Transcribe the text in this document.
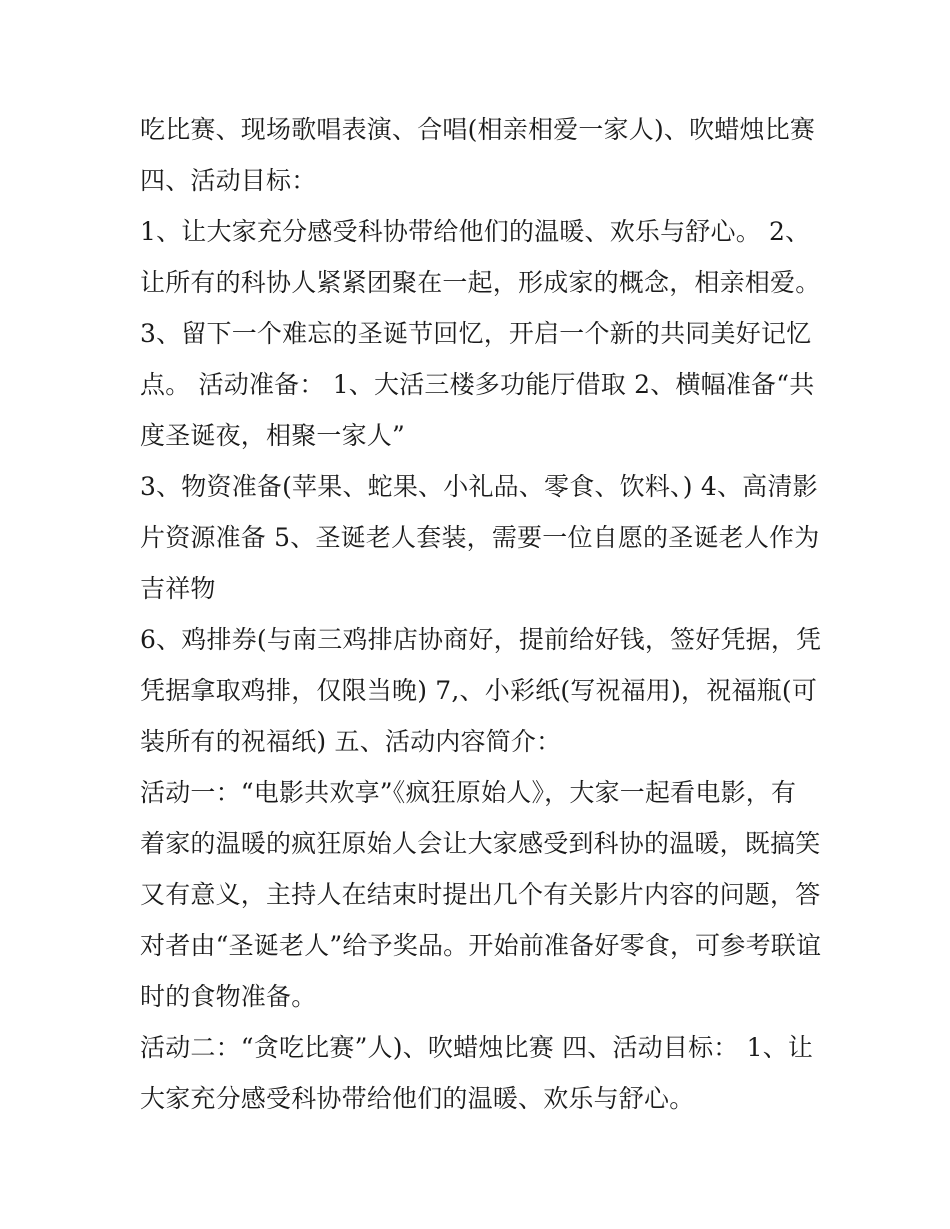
吃比赛、现场歌唱表演、合唱(相亲相爱一家人)、吹蜡烛比赛
四、活动目标：
1、让大家充分感受科协带给他们的温暖、欢乐与舒心。 2、
让所有的科协人紧紧团聚在一起，形成家的概念，相亲相爱。
3、留下一个难忘的圣诞节回忆，开启一个新的共同美好记忆
点。 活动准备： 1、大活三楼多功能厅借取 2、横幅准备“共
度圣诞夜，相聚一家人”
3、物资准备(苹果、蛇果、小礼品、零食、饮料、) 4、高清影
片资源准备 5、圣诞老人套装，需要一位自愿的圣诞老人作为
吉祥物
6、鸡排券(与南三鸡排店协商好，提前给好钱，签好凭据，凭
凭据拿取鸡排，仅限当晚) 7,、小彩纸(写祝福用)，祝福瓶(可
装所有的祝福纸) 五、活动内容简介：
活动一：“电影共欢享”《疯狂原始人》，大家一起看电影，有
着家的温暖的疯狂原始人会让大家感受到科协的温暖，既搞笑
又有意义，主持人在结束时提出几个有关影片内容的问题，答
对者由“圣诞老人”给予奖品。开始前准备好零食，可参考联谊
时的食物准备。
活动二：“贪吃比赛”人)、吹蜡烛比赛 四、活动目标： 1、让
大家充分感受科协带给他们的温暖、欢乐与舒心。
